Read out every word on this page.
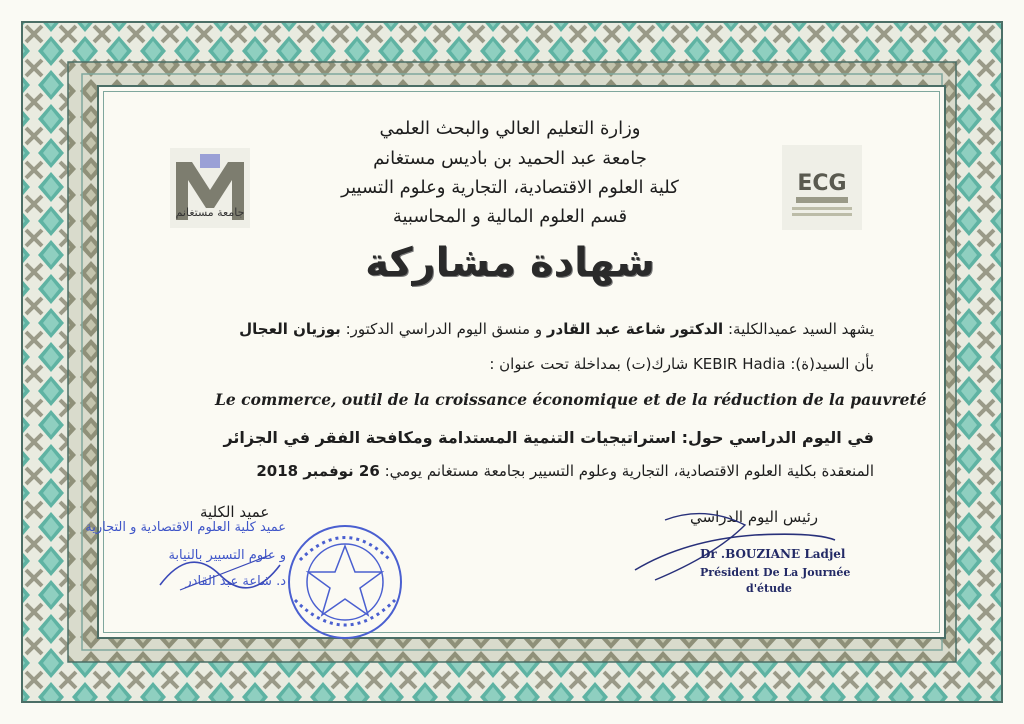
جامعة مستغانم
ECG
وزارة التعليم العالي والبحث العلمي
جامعة عبد الحميد بن باديس مستغانم
كلية العلوم الاقتصادية، التجارية وعلوم التسيير
قسم العلوم المالية و المحاسبية
شهادة مشاركة
يشهد السيد عميدالكلية: الدكتور شاعة عبد القادر و منسق اليوم الدراسي الدكتور: بوزيان العجال
بأن السيد(ة): KEBIR Hadia شارك(ت) بمداخلة تحت عنوان :
Le commerce, outil de la croissance économique et de la réduction de la pauvreté
في اليوم الدراسي حول: استراتيجيات التنمية المستدامة ومكافحة الفقر في الجزائر
المنعقدة بكلية العلوم الاقتصادية، التجارية وعلوم التسيير بجامعة مستغانم يومي: 26 نوفمبر 2018
عميد الكلية	رئيس اليوم الدراسي
عميد كلية العلوم الاقتصادية و التجارية
و علوم التسيير بالنيابة
د. شاعة عبد القادر
Dr .BOUZIANE Ladjel
Président De La Journée
d'étude
